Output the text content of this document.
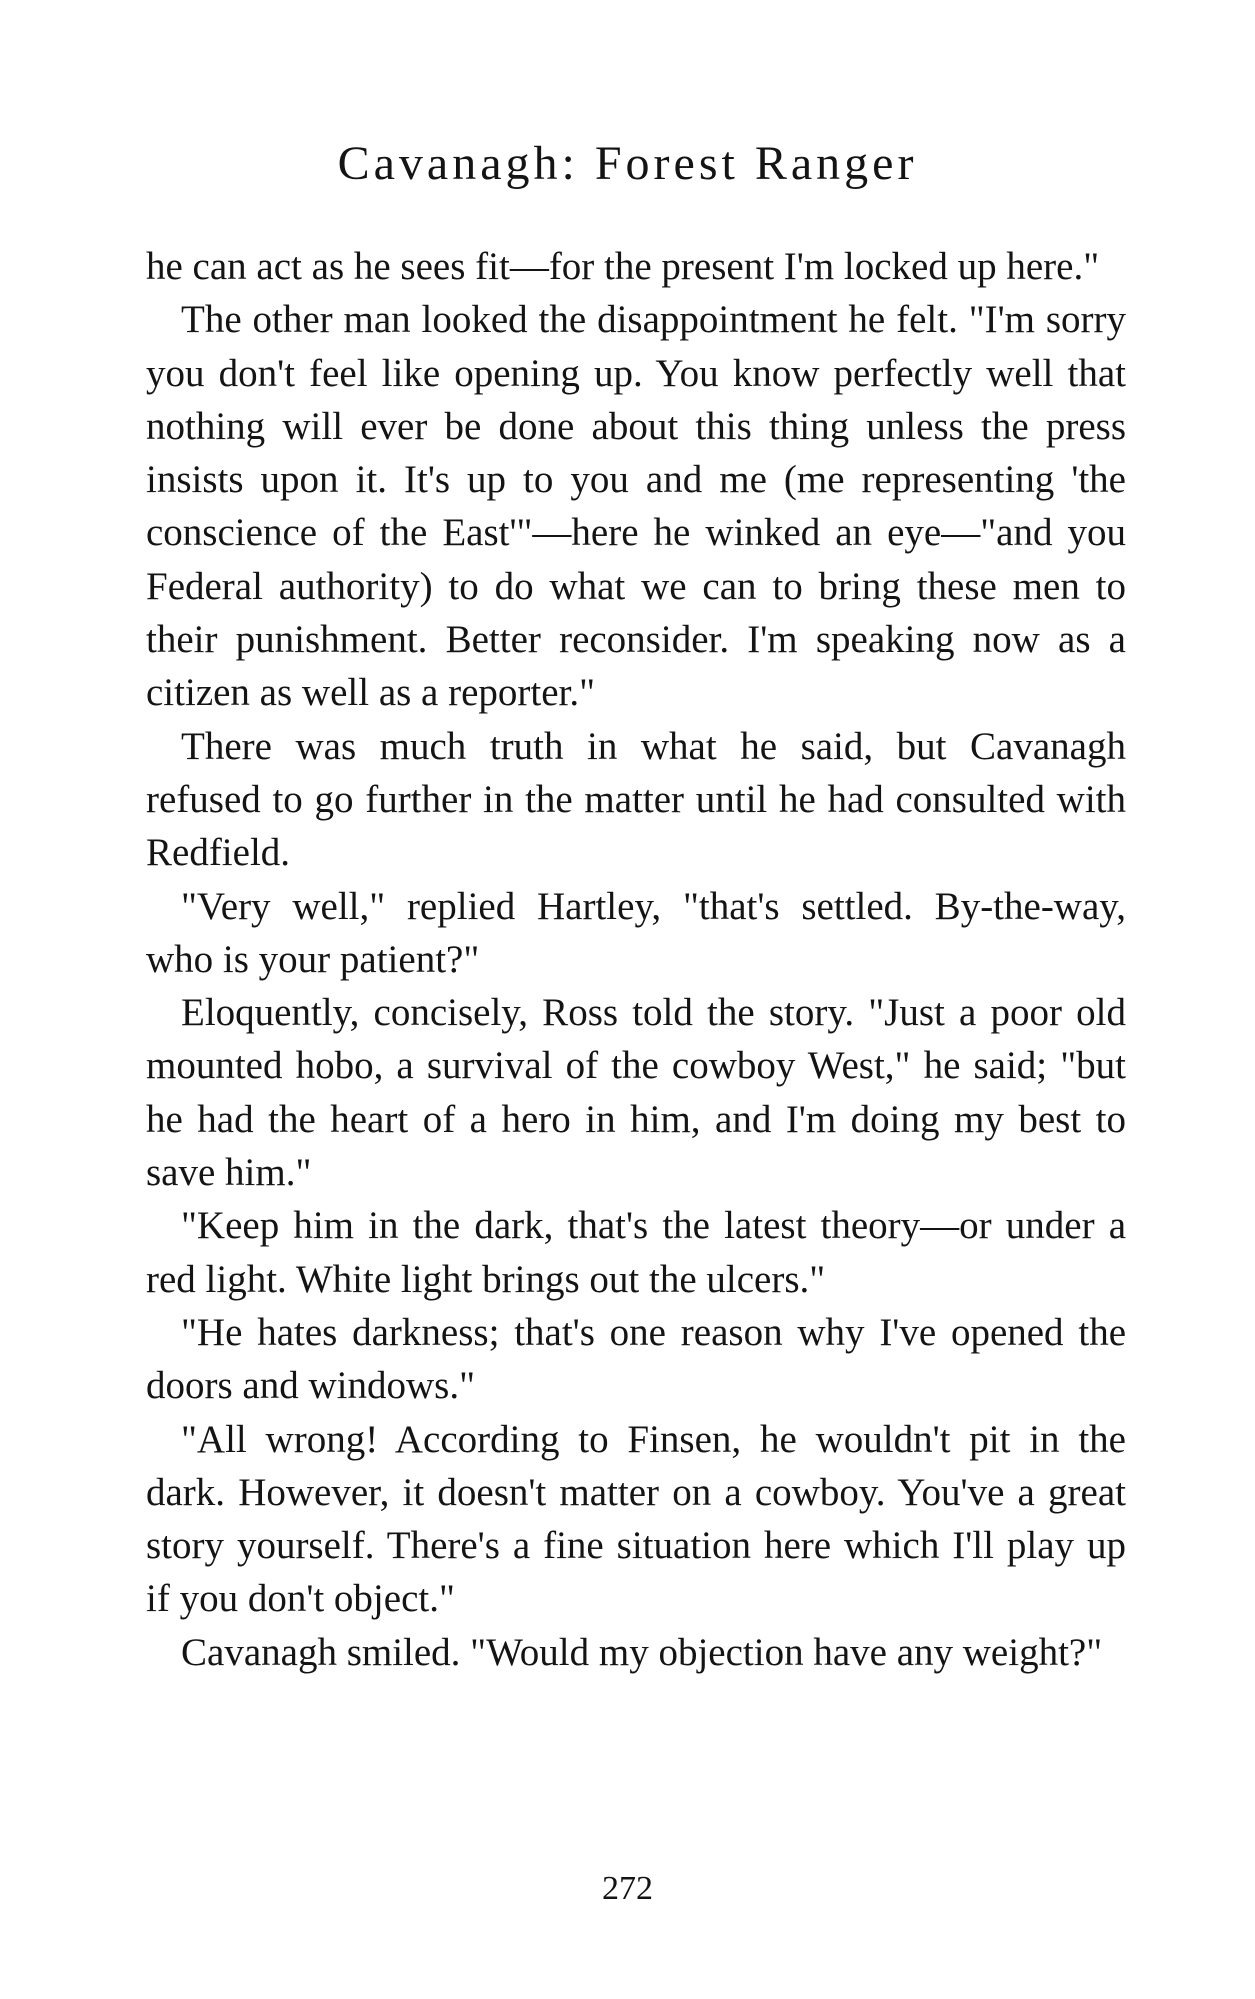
Cavanagh: Forest Ranger

he can act as he sees fit—for the present I'm locked up here."

The other man looked the disappointment he felt. "I'm sorry you don't feel like opening up. You know perfectly well that nothing will ever be done about this thing unless the press insists upon it. It's up to you and me (me representing 'the conscience of the East'"—here he winked an eye—"and you Federal authority) to do what we can to bring these men to their punishment. Better reconsider. I'm speaking now as a citizen as well as a reporter."

There was much truth in what he said, but Cavanagh refused to go further in the matter until he had consulted with Redfield.

"Very well," replied Hartley, "that's settled. By-the-way, who is your patient?"

Eloquently, concisely, Ross told the story. "Just a poor old mounted hobo, a survival of the cowboy West," he said; "but he had the heart of a hero in him, and I'm doing my best to save him."

"Keep him in the dark, that's the latest theory—or under a red light. White light brings out the ulcers."

"He hates darkness; that's one reason why I've opened the doors and windows."

"All wrong! According to Finsen, he wouldn't pit in the dark. However, it doesn't matter on a cowboy. You've a great story yourself. There's a fine situation here which I'll play up if you don't object."

Cavanagh smiled. "Would my objection have any weight?"

272
